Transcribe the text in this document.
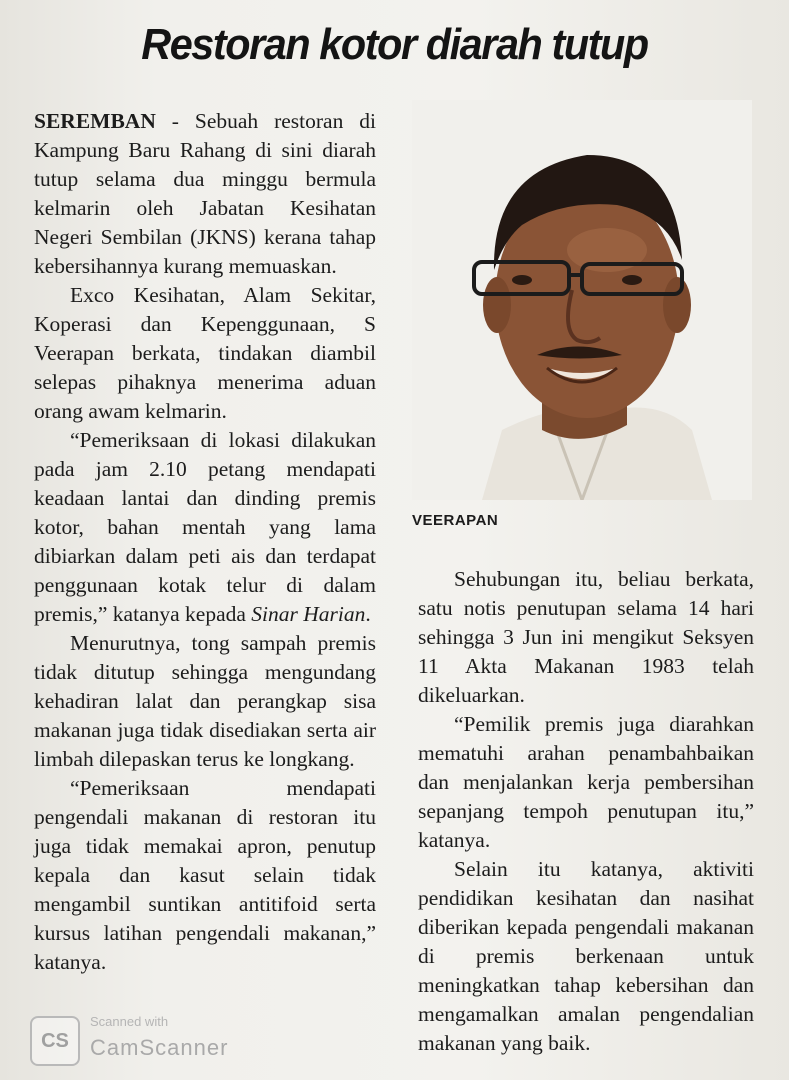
Restoran kotor diarah tutup

SEREMBAN - Sebuah restoran di Kampung Baru Rahang di sini diarah tutup selama dua minggu bermula kelmarin oleh Jabatan Kesihatan Negeri Sembilan (JKNS) kerana tahap kebersihannya kurang memuaskan.

Exco Kesihatan, Alam Sekitar, Koperasi dan Kepenggunaan, S Veerapan berkata, tindakan diambil selepas pihaknya menerima aduan orang awam kelmarin.

“Pemeriksaan di lokasi dilakukan pada jam 2.10 petang mendapati keadaan lantai dan dinding premis kotor, bahan mentah yang lama dibiarkan dalam peti ais dan terdapat penggunaan kotak telur di dalam premis,” katanya kepada Sinar Harian.

Menurutnya, tong sampah premis tidak ditutup sehingga mengundang kehadiran lalat dan perangkap sisa makanan juga tidak disediakan serta air limbah dilepaskan terus ke longkang.

“Pemeriksaan mendapati pengendali makanan di restoran itu juga tidak memakai apron, penutup kepala dan kasut selain tidak mengambil suntikan antitifoid serta kursus latihan pengendali makanan,” katanya.

VEERAPAN

Sehubungan itu, beliau berkata, satu notis penutupan selama 14 hari sehingga 3 Jun ini mengikut Seksyen 11 Akta Makanan 1983 telah dikeluarkan.

“Pemilik premis juga diarahkan mematuhi arahan penambahbaikan dan menjalankan kerja pembersihan sepanjang tempoh penutupan itu,” katanya.

Selain itu katanya, aktiviti pendidikan kesihatan dan nasihat diberikan kepada pengendali makanan di premis berkenaan untuk meningkatkan tahap kebersihan dan mengamalkan amalan pengendalian makanan yang baik.

CS
Scanned with
CamScanner
